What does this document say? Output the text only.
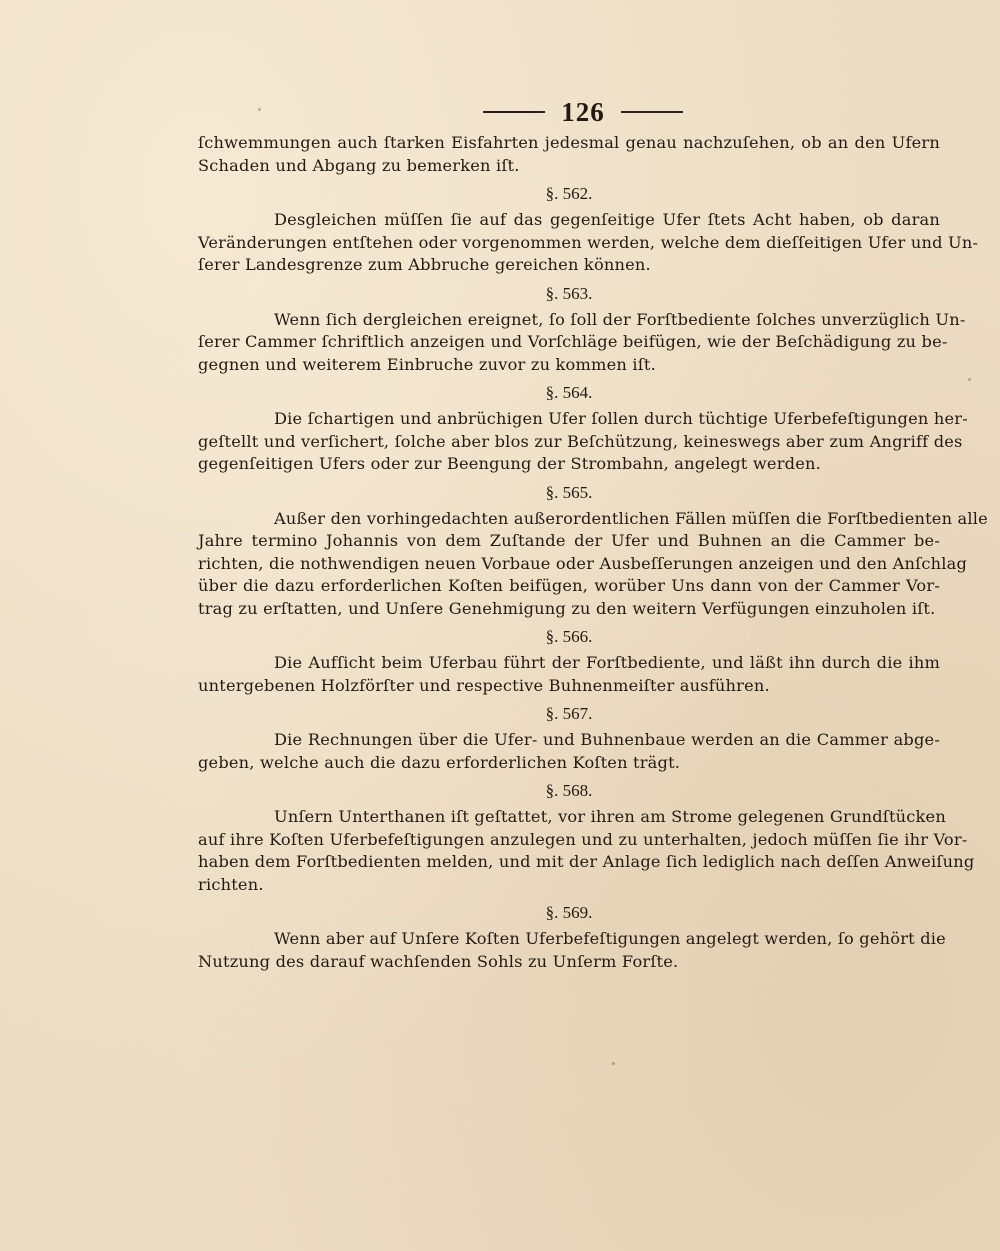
126
ſchwemmungen auch ſtarken Eisfahrten jedesmal genau nachzuſehen, ob an den Ufern
Schaden und Abgang zu bemerken iſt.
§. 562.
Desgleichen müſſen ſie auf das gegenſeitige Ufer ſtets Acht haben, ob daran
Veränderungen entſtehen oder vorgenommen werden, welche dem dieſſeitigen Ufer und Un-
ſerer Landesgrenze zum Abbruche gereichen können.
§. 563.
Wenn ſich dergleichen ereignet, ſo ſoll der Forſtbediente ſolches unverzüglich Un-
ſerer Cammer ſchriftlich anzeigen und Vorſchläge beifügen, wie der Beſchädigung zu be-
gegnen und weiterem Einbruche zuvor zu kommen iſt.
§. 564.
Die ſchartigen und anbrüchigen Ufer ſollen durch tüchtige Uferbefeſtigungen her-
geſtellt und verſichert, ſolche aber blos zur Beſchützung, keineswegs aber zum Angriff des
gegenſeitigen Ufers oder zur Beengung der Strombahn, angelegt werden.
§. 565.
Außer den vorhingedachten außerordentlichen Fällen müſſen die Forſtbedienten alle
Jahre termino Johannis von dem Zuſtande der Ufer und Buhnen an die Cammer be-
richten, die nothwendigen neuen Vorbaue oder Ausbeſſerungen anzeigen und den Anſchlag
über die dazu erforderlichen Koſten beifügen, worüber Uns dann von der Cammer Vor-
trag zu erſtatten, und Unſere Genehmigung zu den weitern Verfügungen einzuholen iſt.
§. 566.
Die Aufſicht beim Uferbau führt der Forſtbediente, und läßt ihn durch die ihm
untergebenen Holzförſter und respective Buhnenmeiſter ausführen.
§. 567.
Die Rechnungen über die Ufer- und Buhnenbaue werden an die Cammer abge-
geben, welche auch die dazu erforderlichen Koſten trägt.
§. 568.
Unſern Unterthanen iſt geſtattet, vor ihren am Strome gelegenen Grundſtücken
auf ihre Koſten Uferbefeſtigungen anzulegen und zu unterhalten, jedoch müſſen ſie ihr Vor-
haben dem Forſtbedienten melden, und mit der Anlage ſich lediglich nach deſſen Anweiſung
richten.
§. 569.
Wenn aber auf Unſere Koſten Uferbefeſtigungen angelegt werden, ſo gehört die
Nutzung des darauf wachſenden Sohls zu Unſerm Forſte.
